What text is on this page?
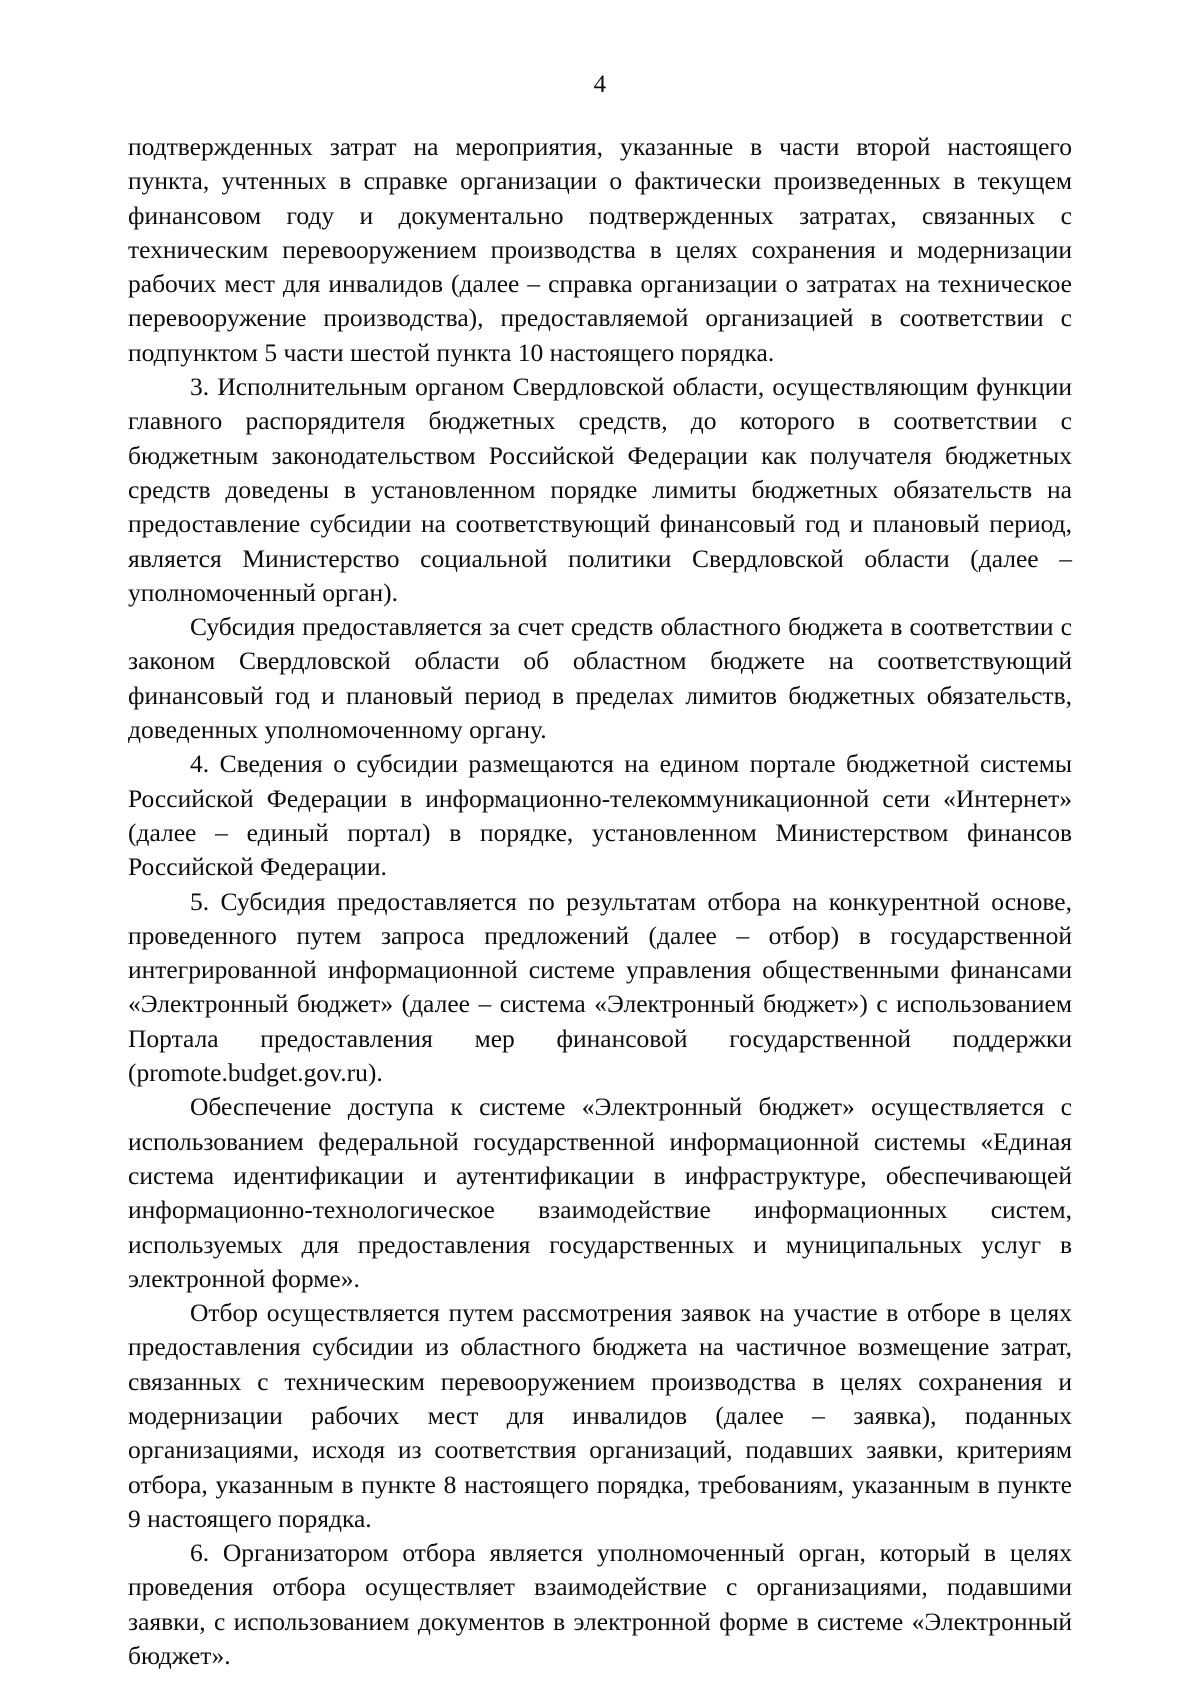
4

подтвержденных затрат на мероприятия, указанные в части второй настоящего пункта, учтенных в справке организации о фактически произведенных в текущем финансовом году и документально подтвержденных затратах, связанных с техническим перевооружением производства в целях сохранения и модернизации рабочих мест для инвалидов (далее – справка организации о затратах на техническое перевооружение производства), предоставляемой организацией в соответствии с подпунктом 5 части шестой пункта 10 настоящего порядка.

3. Исполнительным органом Свердловской области, осуществляющим функции главного распорядителя бюджетных средств, до которого в соответствии с бюджетным законодательством Российской Федерации как получателя бюджетных средств доведены в установленном порядке лимиты бюджетных обязательств на предоставление субсидии на соответствующий финансовый год и плановый период, является Министерство социальной политики Свердловской области (далее – уполномоченный орган).

Субсидия предоставляется за счет средств областного бюджета в соответствии с законом Свердловской области об областном бюджете на соответствующий финансовый год и плановый период в пределах лимитов бюджетных обязательств, доведенных уполномоченному органу.

4. Сведения о субсидии размещаются на едином портале бюджетной системы Российской Федерации в информационно-телекоммуникационной сети «Интернет» (далее – единый портал) в порядке, установленном Министерством финансов Российской Федерации.

5. Субсидия предоставляется по результатам отбора на конкурентной основе, проведенного путем запроса предложений (далее – отбор) в государственной интегрированной информационной системе управления общественными финансами «Электронный бюджет» (далее – система «Электронный бюджет») с использованием Портала предоставления мер финансовой государственной поддержки (promote.budget.gov.ru).

Обеспечение доступа к системе «Электронный бюджет» осуществляется с использованием федеральной государственной информационной системы «Единая система идентификации и аутентификации в инфраструктуре, обеспечивающей информационно-технологическое взаимодействие информационных систем, используемых для предоставления государственных и муниципальных услуг в электронной форме».

Отбор осуществляется путем рассмотрения заявок на участие в отборе в целях предоставления субсидии из областного бюджета на частичное возмещение затрат, связанных с техническим перевооружением производства в целях сохранения и модернизации рабочих мест для инвалидов (далее – заявка), поданных организациями, исходя из соответствия организаций, подавших заявки, критериям отбора, указанным в пункте 8 настоящего порядка, требованиям, указанным в пункте 9 настоящего порядка.

6. Организатором отбора является уполномоченный орган, который в целях проведения отбора осуществляет взаимодействие с организациями, подавшими заявки, с использованием документов в электронной форме в системе «Электронный бюджет».
